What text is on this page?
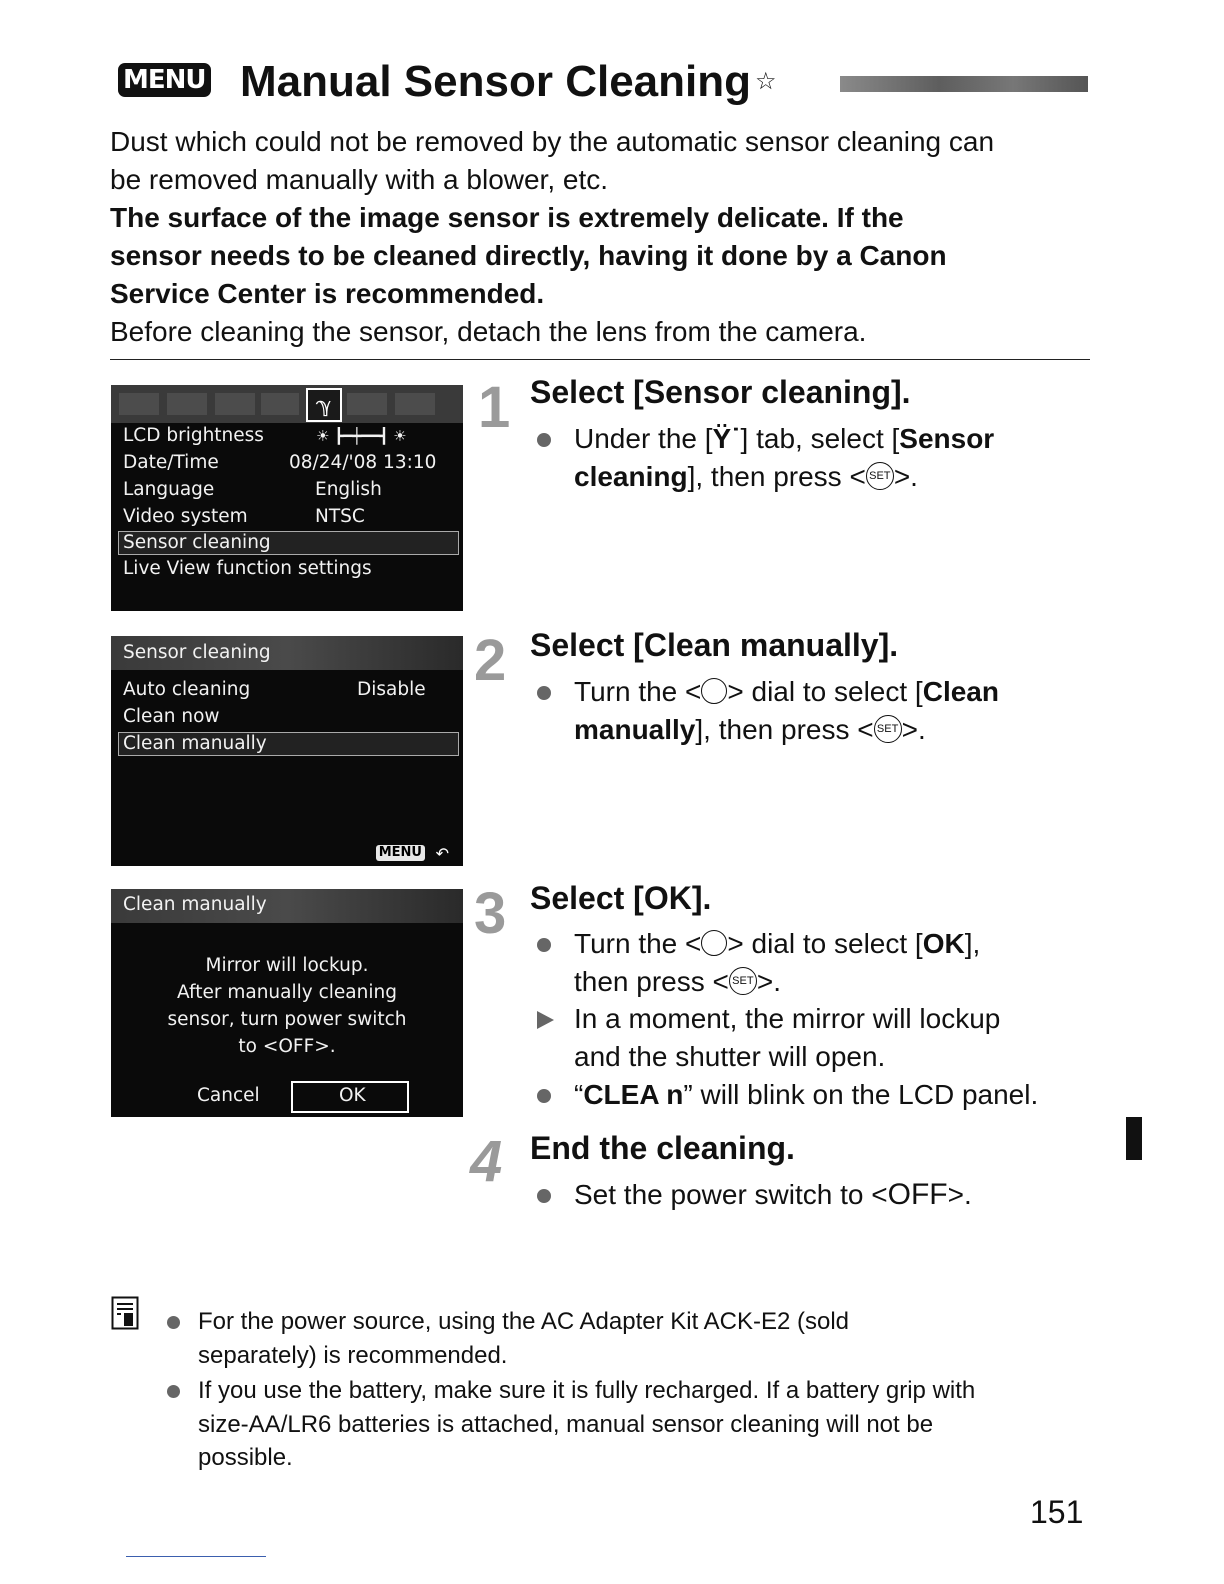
MENU Manual Sensor Cleaning ☆

Dust which could not be removed by the automatic sensor cleaning can

be removed manually with a blower, etc.

The surface of the image sensor is extremely delicate. If the

sensor needs to be cleaned directly, having it done by a Canon

Service Center is recommended.

Before cleaning the sensor, detach the lens from the camera.

ℽ
LCD brightness	☀ ┣━┿━━┫ ☀
Date/Time	08/24/'08 13:10
Language	English
Video system	NTSC
Sensor cleaning
Live View function settings
Sensor cleaning
Auto cleaning	Disable
Clean now
Clean manually
MENU ↶
Clean manually
Mirror will lockup.
After manually cleaning
sensor, turn power switch
to <OFF>.
Cancel	OK
1 Select [Sensor cleaning].
Under the [Ÿ˙] tab, select [Sensor
cleaning], then press < SET >.
2 Select [Clean manually].
Turn the < > dial to select [Clean
manually], then press < SET >.
3 Select [OK].
Turn the < > dial to select [OK],
then press < SET >.
In a moment, the mirror will lockup
and the shutter will open.
“CLEA n” will blink on the LCD panel.
4 End the cleaning.
Set the power switch to <OFF>.
For the power source, using the AC Adapter Kit ACK-E2 (sold
separately) is recommended.
If you use the battery, make sure it is fully recharged. If a battery grip with
size-AA/LR6 batteries is attached, manual sensor cleaning will not be
possible.
151
